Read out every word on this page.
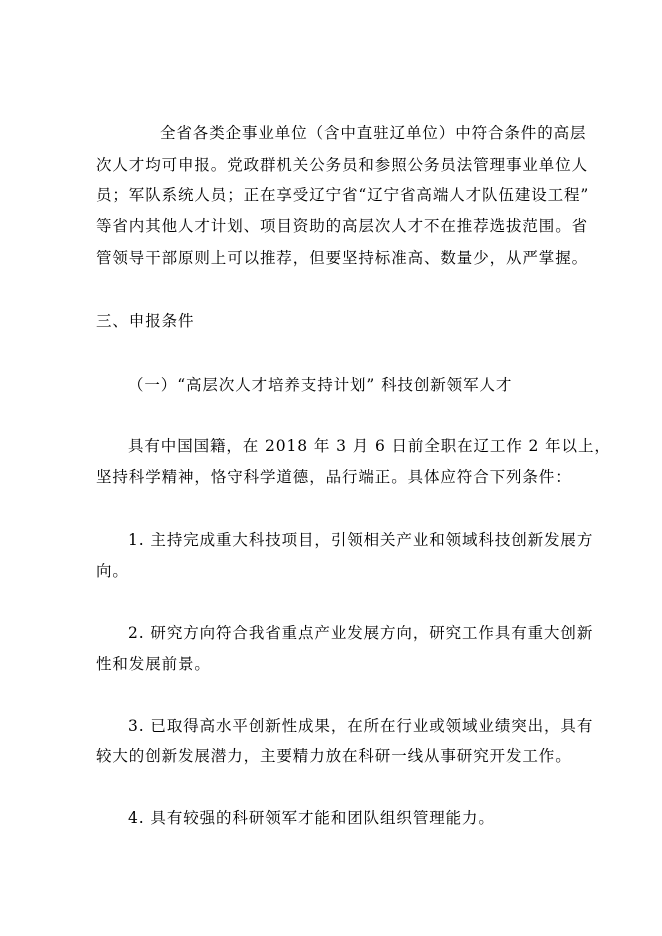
全省各类企事业单位（含中直驻辽单位）中符合条件的高层
次人才均可申报。党政群机关公务员和参照公务员法管理事业单位人
员；军队系统人员；正在享受辽宁省“辽宁省高端人才队伍建设工程”
等省内其他人才计划、项目资助的高层次人才不在推荐选拔范围。省
管领导干部原则上可以推荐，但要坚持标准高、数量少，从严掌握。
三、申报条件
（一）“高层次人才培养支持计划” 科技创新领军人才
具有中国国籍，在 2018 年 3 月 6 日前全职在辽工作 2 年以上，
坚持科学精神，恪守科学道德，品行端正。具体应符合下列条件：
1. 主持完成重大科技项目，引领相关产业和领域科技创新发展方
向。
2. 研究方向符合我省重点产业发展方向，研究工作具有重大创新
性和发展前景。
3. 已取得高水平创新性成果，在所在行业或领域业绩突出，具有
较大的创新发展潜力，主要精力放在科研一线从事研究开发工作。
4. 具有较强的科研领军才能和团队组织管理能力。
